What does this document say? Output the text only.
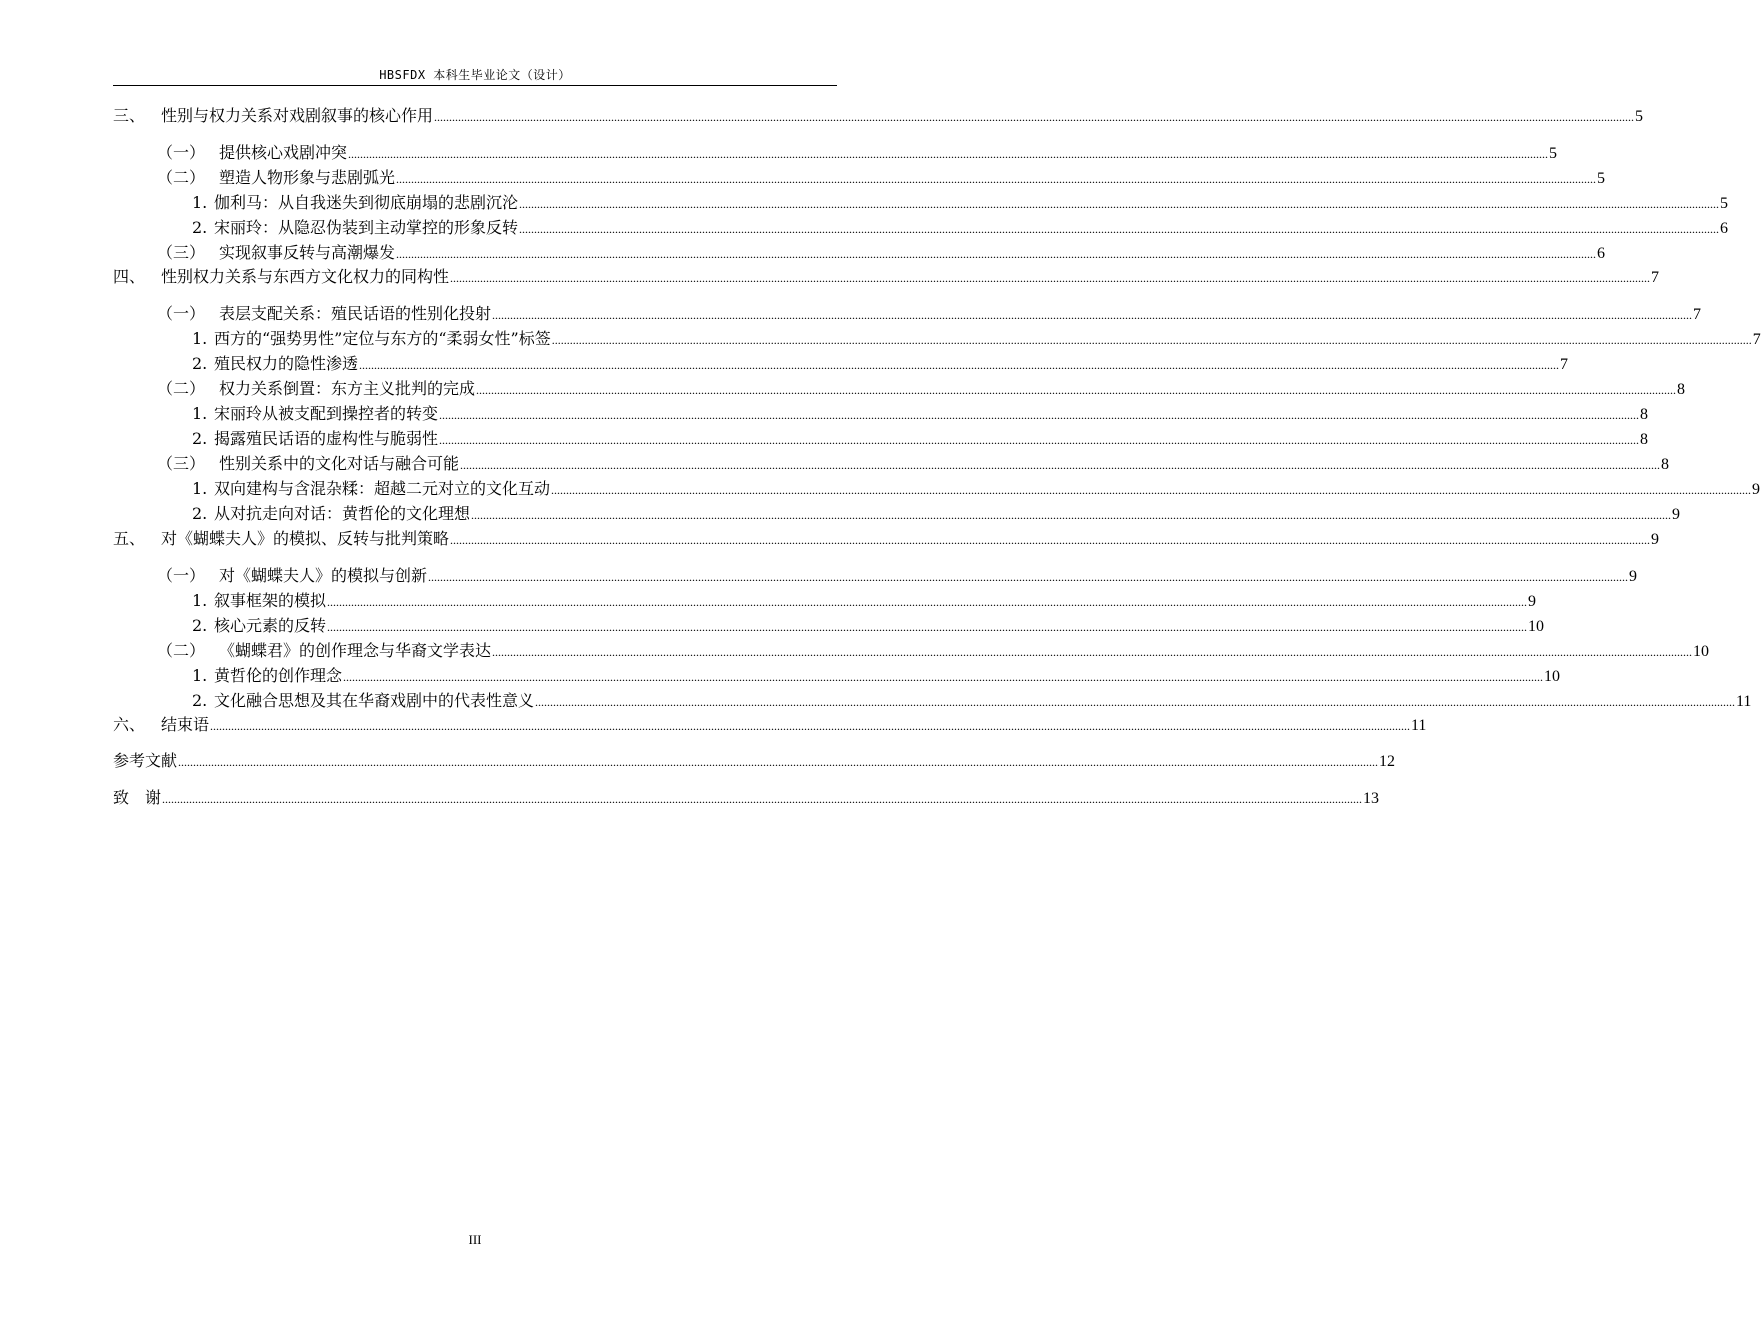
HBSFDX 本科生毕业论文（设计）
三、 性别与权力关系对戏剧叙事的核心作用 ................................................................................................................................................................................................................................................................................................................................................................................................................ 5
（一） 提供核心戏剧冲突 ................................................................................................................................................................................................................................................................................................................................................................................................................ 5
（二） 塑造人物形象与悲剧弧光 ................................................................................................................................................................................................................................................................................................................................................................................................................ 5
1. 伽利马：从自我迷失到彻底崩塌的悲剧沉沦 ................................................................................................................................................................................................................................................................................................................................................................................................................ 5
2. 宋丽玲：从隐忍伪装到主动掌控的形象反转 ................................................................................................................................................................................................................................................................................................................................................................................................................ 6
（三） 实现叙事反转与高潮爆发 ................................................................................................................................................................................................................................................................................................................................................................................................................ 6
四、 性别权力关系与东西方文化权力的同构性 ................................................................................................................................................................................................................................................................................................................................................................................................................ 7
（一） 表层支配关系：殖民话语的性别化投射 ................................................................................................................................................................................................................................................................................................................................................................................................................ 7
1. 西方的“强势男性”定位与东方的“柔弱女性”标签 ................................................................................................................................................................................................................................................................................................................................................................................................................ 7
2. 殖民权力的隐性渗透 ................................................................................................................................................................................................................................................................................................................................................................................................................ 7
（二） 权力关系倒置：东方主义批判的完成 ................................................................................................................................................................................................................................................................................................................................................................................................................ 8
1. 宋丽玲从被支配到操控者的转变 ................................................................................................................................................................................................................................................................................................................................................................................................................ 8
2. 揭露殖民话语的虚构性与脆弱性 ................................................................................................................................................................................................................................................................................................................................................................................................................ 8
（三） 性别关系中的文化对话与融合可能 ................................................................................................................................................................................................................................................................................................................................................................................................................ 8
1. 双向建构与含混杂糅：超越二元对立的文化互动 ................................................................................................................................................................................................................................................................................................................................................................................................................ 9
2. 从对抗走向对话：黄哲伦的文化理想 ................................................................................................................................................................................................................................................................................................................................................................................................................ 9
五、 对《蝴蝶夫人》的模拟、反转与批判策略 ................................................................................................................................................................................................................................................................................................................................................................................................................ 9
（一） 对《蝴蝶夫人》的模拟与创新 ................................................................................................................................................................................................................................................................................................................................................................................................................ 9
1. 叙事框架的模拟 ................................................................................................................................................................................................................................................................................................................................................................................................................ 9
2. 核心元素的反转 ................................................................................................................................................................................................................................................................................................................................................................................................................ 10
（二） 《蝴蝶君》的创作理念与华裔文学表达 ................................................................................................................................................................................................................................................................................................................................................................................................................ 10
1. 黄哲伦的创作理念 ................................................................................................................................................................................................................................................................................................................................................................................................................ 10
2. 文化融合思想及其在华裔戏剧中的代表性意义 ................................................................................................................................................................................................................................................................................................................................................................................................................ 11
六、 结束语 ................................................................................................................................................................................................................................................................................................................................................................................................................ 11
参考文献 ................................................................................................................................................................................................................................................................................................................................................................................................................ 12
致　谢 ................................................................................................................................................................................................................................................................................................................................................................................................................ 13
III
